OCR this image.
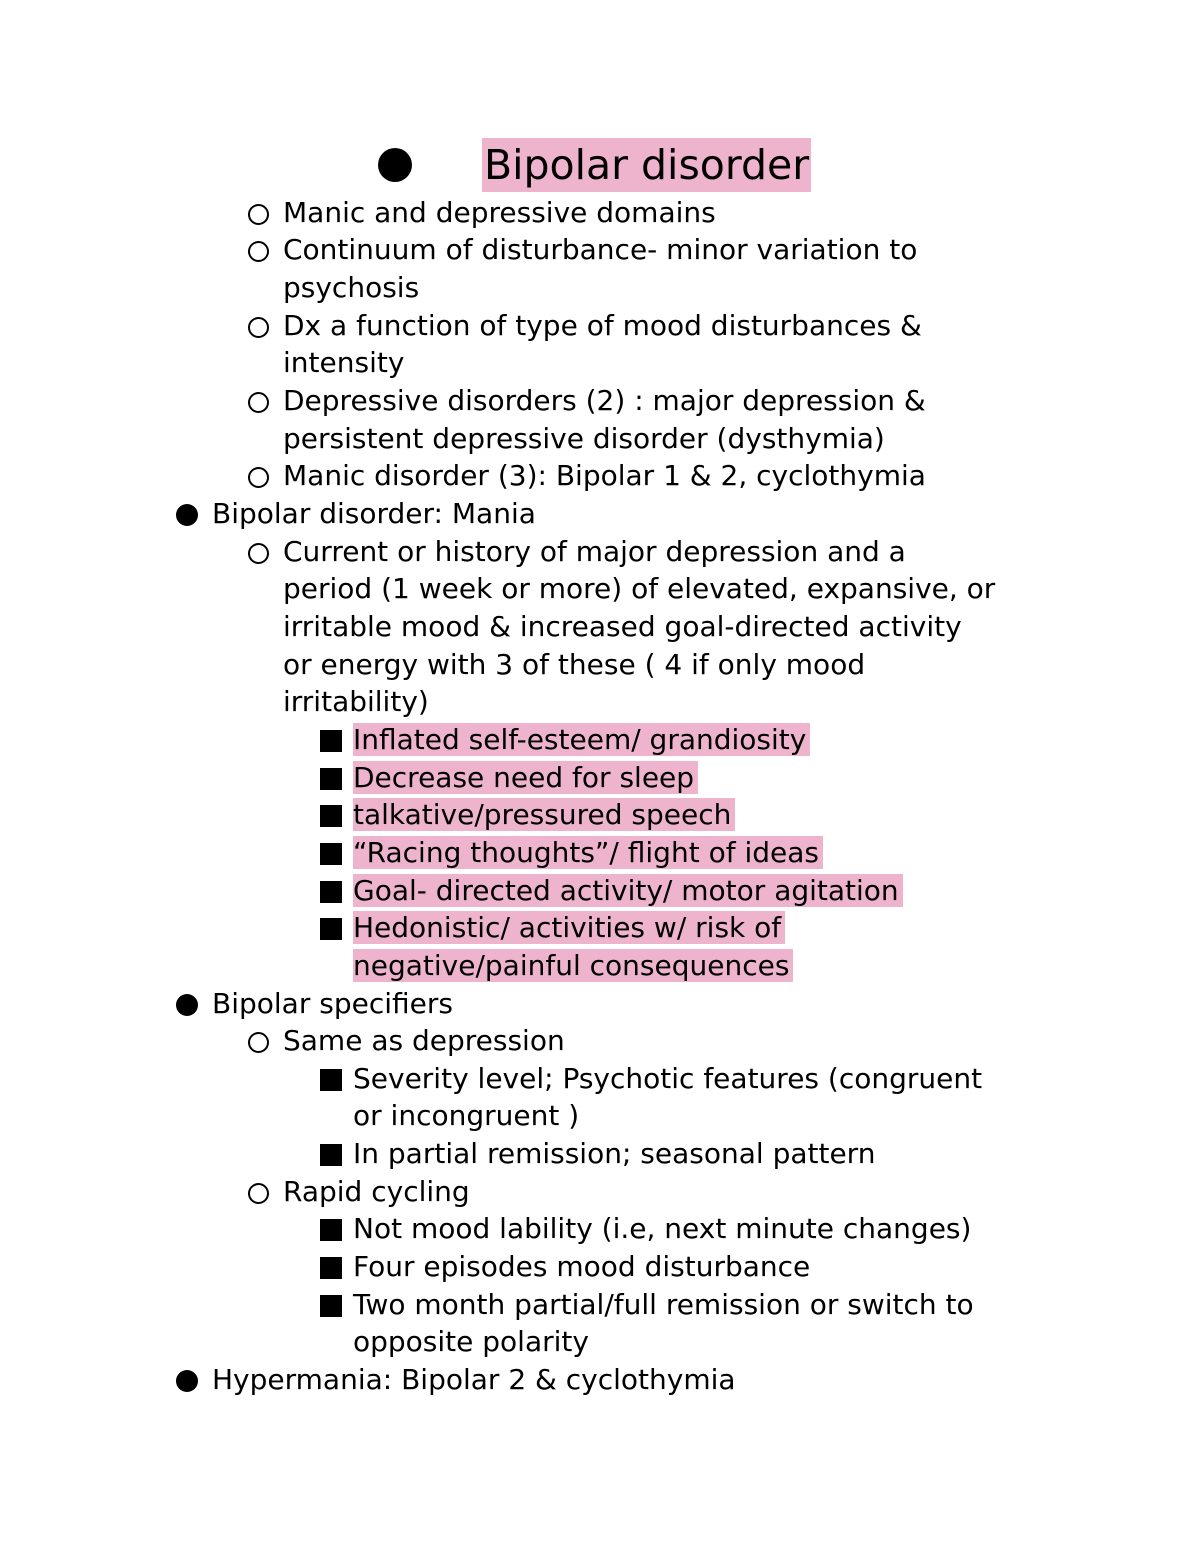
Bipolar disorder
Manic and depressive domains
Continuum of disturbance- minor variation to
psychosis
Dx a function of type of mood disturbances &
intensity
Depressive disorders (2) : major depression &
persistent depressive disorder (dysthymia)
Manic disorder (3): Bipolar 1 & 2, cyclothymia
Bipolar disorder: Mania
Current or history of major depression and a
period (1 week or more) of elevated, expansive, or
irritable mood & increased goal-directed activity
or energy with 3 of these ( 4 if only mood
irritability)
Inflated self-esteem/ grandiosity
Decrease need for sleep
talkative/pressured speech
“Racing thoughts”/ flight of ideas
Goal- directed activity/ motor agitation
Hedonistic/ activities w/ risk of
negative/painful consequences
Bipolar specifiers
Same as depression
Severity level; Psychotic features (congruent
or incongruent )
In partial remission; seasonal pattern
Rapid cycling
Not mood lability (i.e, next minute changes)
Four episodes mood disturbance
Two month partial/full remission or switch to
opposite polarity
Hypermania: Bipolar 2 & cyclothymia
